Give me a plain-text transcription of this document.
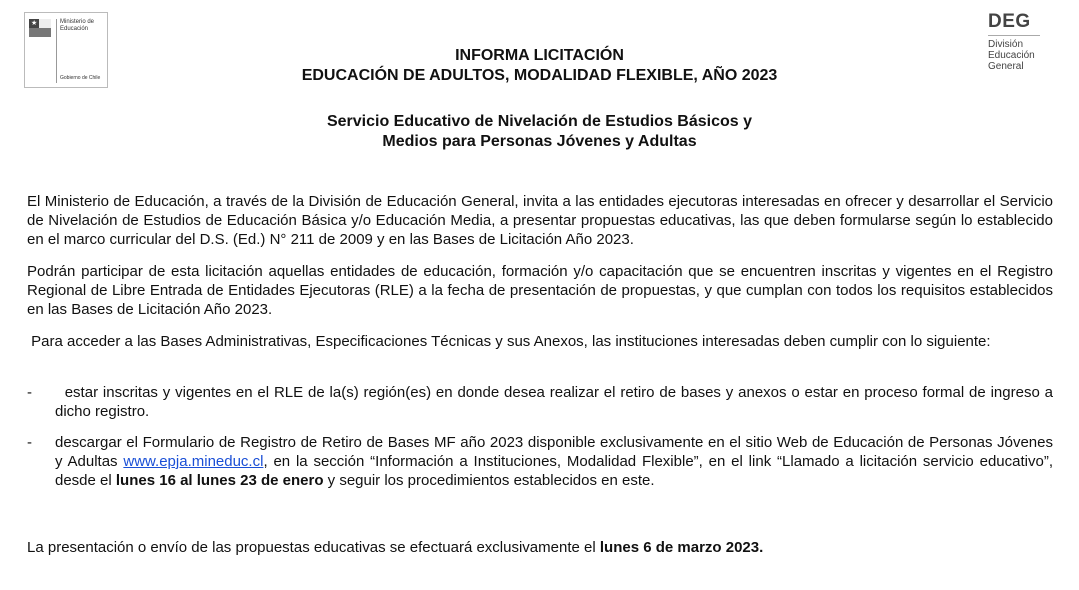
★	Ministerio de Educación
Gobierno de Chile
DEG
División
Educación
General
INFORMA LICITACIÓN
EDUCACIÓN DE ADULTOS, MODALIDAD FLEXIBLE, AÑO 2023
Servicio Educativo de Nivelación de Estudios Básicos y
Medios para Personas Jóvenes y Adultas
El Ministerio de Educación, a través de la División de Educación General, invita a las entidades ejecutoras interesadas en ofrecer y desarrollar el Servicio de Nivelación de Estudios de Educación Básica y/o Educación Media, a presentar propuestas educativas, las que deben formularse según lo establecido en el marco curricular del D.S. (Ed.) N° 211 de 2009 y en las Bases de Licitación Año 2023.
Podrán participar de esta licitación aquellas entidades de educación, formación y/o capacitación que se encuentren inscritas y vigentes en el Registro Regional de Libre Entrada de Entidades Ejecutoras (RLE) a la fecha de presentación de propuestas, y que cumplan con todos los requisitos establecidos en las Bases de Licitación Año 2023.
Para acceder a las Bases Administrativas, Especificaciones Técnicas y sus Anexos, las instituciones interesadas deben cumplir con lo siguiente:
-	estar inscritas y vigentes en el RLE de la(s) región(es) en donde desea realizar el retiro de bases y anexos o estar en proceso formal de ingreso a dicho registro.
- descargar el Formulario de Registro de Retiro de Bases MF año 2023 disponible exclusivamente en el sitio Web de Educación de Personas Jóvenes y Adultas www.epja.mineduc.cl, en la sección “Información a Instituciones, Modalidad Flexible”, en el link “Llamado a licitación servicio educativo”, desde el lunes 16 al lunes 23 de enero y seguir los procedimientos establecidos en este.
La presentación o envío de las propuestas educativas se efectuará exclusivamente el lunes 6 de marzo 2023.
